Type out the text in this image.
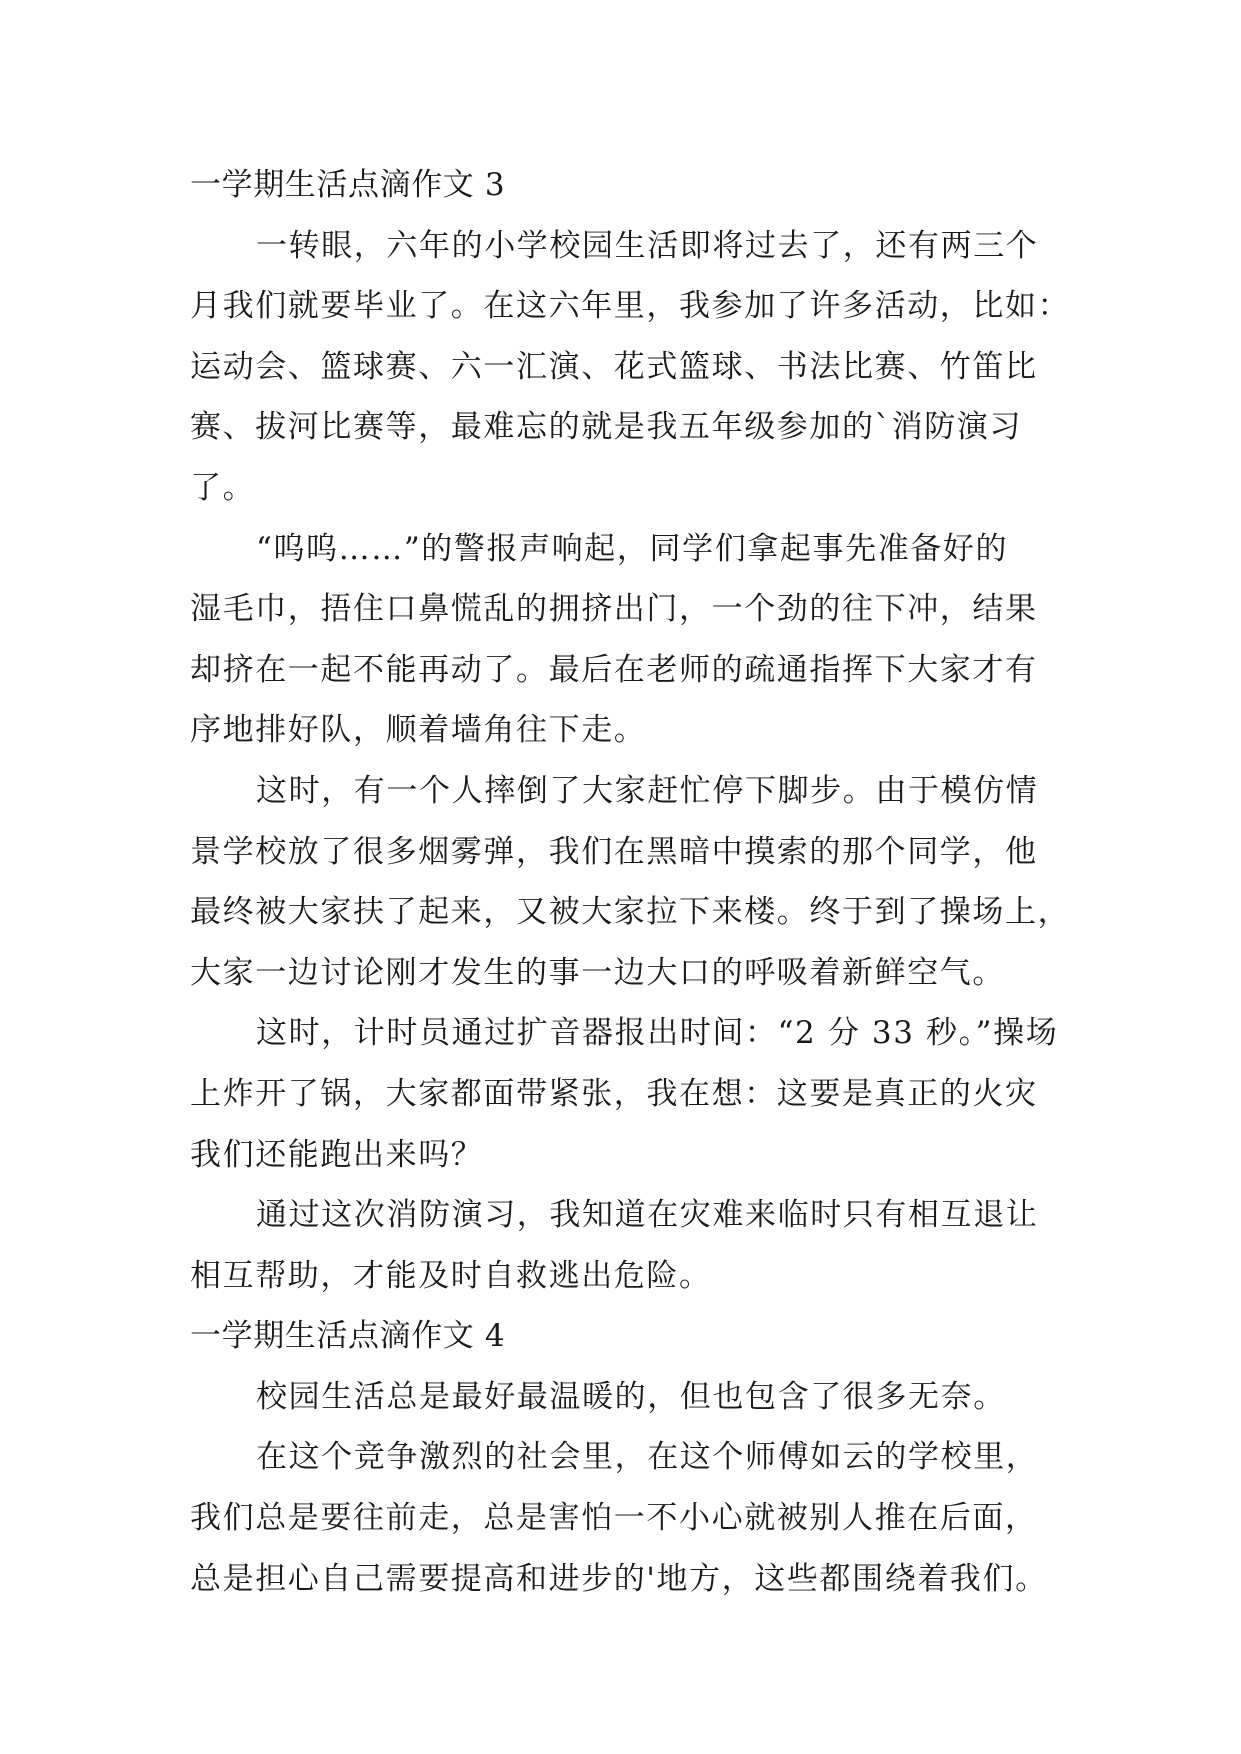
一学期生活点滴作文 3
一转眼，六年的小学校园生活即将过去了，还有两三个
月我们就要毕业了。在这六年里，我参加了许多活动，比如：
运动会、篮球赛、六一汇演、花式篮球、书法比赛、竹笛比
赛、拔河比赛等，最难忘的就是我五年级参加的`消防演习
了。
“呜呜……”的警报声响起，同学们拿起事先准备好的
湿毛巾，捂住口鼻慌乱的拥挤出门，一个劲的往下冲，结果
却挤在一起不能再动了。最后在老师的疏通指挥下大家才有
序地排好队，顺着墙角往下走。
这时，有一个人摔倒了大家赶忙停下脚步。由于模仿情
景学校放了很多烟雾弹，我们在黑暗中摸索的那个同学，他
最终被大家扶了起来，又被大家拉下来楼。终于到了操场上，
大家一边讨论刚才发生的事一边大口的呼吸着新鲜空气。
这时，计时员通过扩音器报出时间：“2 分 33 秒。”操场
上炸开了锅，大家都面带紧张，我在想：这要是真正的火灾
我们还能跑出来吗？
通过这次消防演习，我知道在灾难来临时只有相互退让
相互帮助，才能及时自救逃出危险。
一学期生活点滴作文 4
校园生活总是最好最温暖的，但也包含了很多无奈。
在这个竞争激烈的社会里，在这个师傅如云的学校里，
我们总是要往前走，总是害怕一不小心就被别人推在后面，
总是担心自己需要提高和进步的'地方，这些都围绕着我们。
